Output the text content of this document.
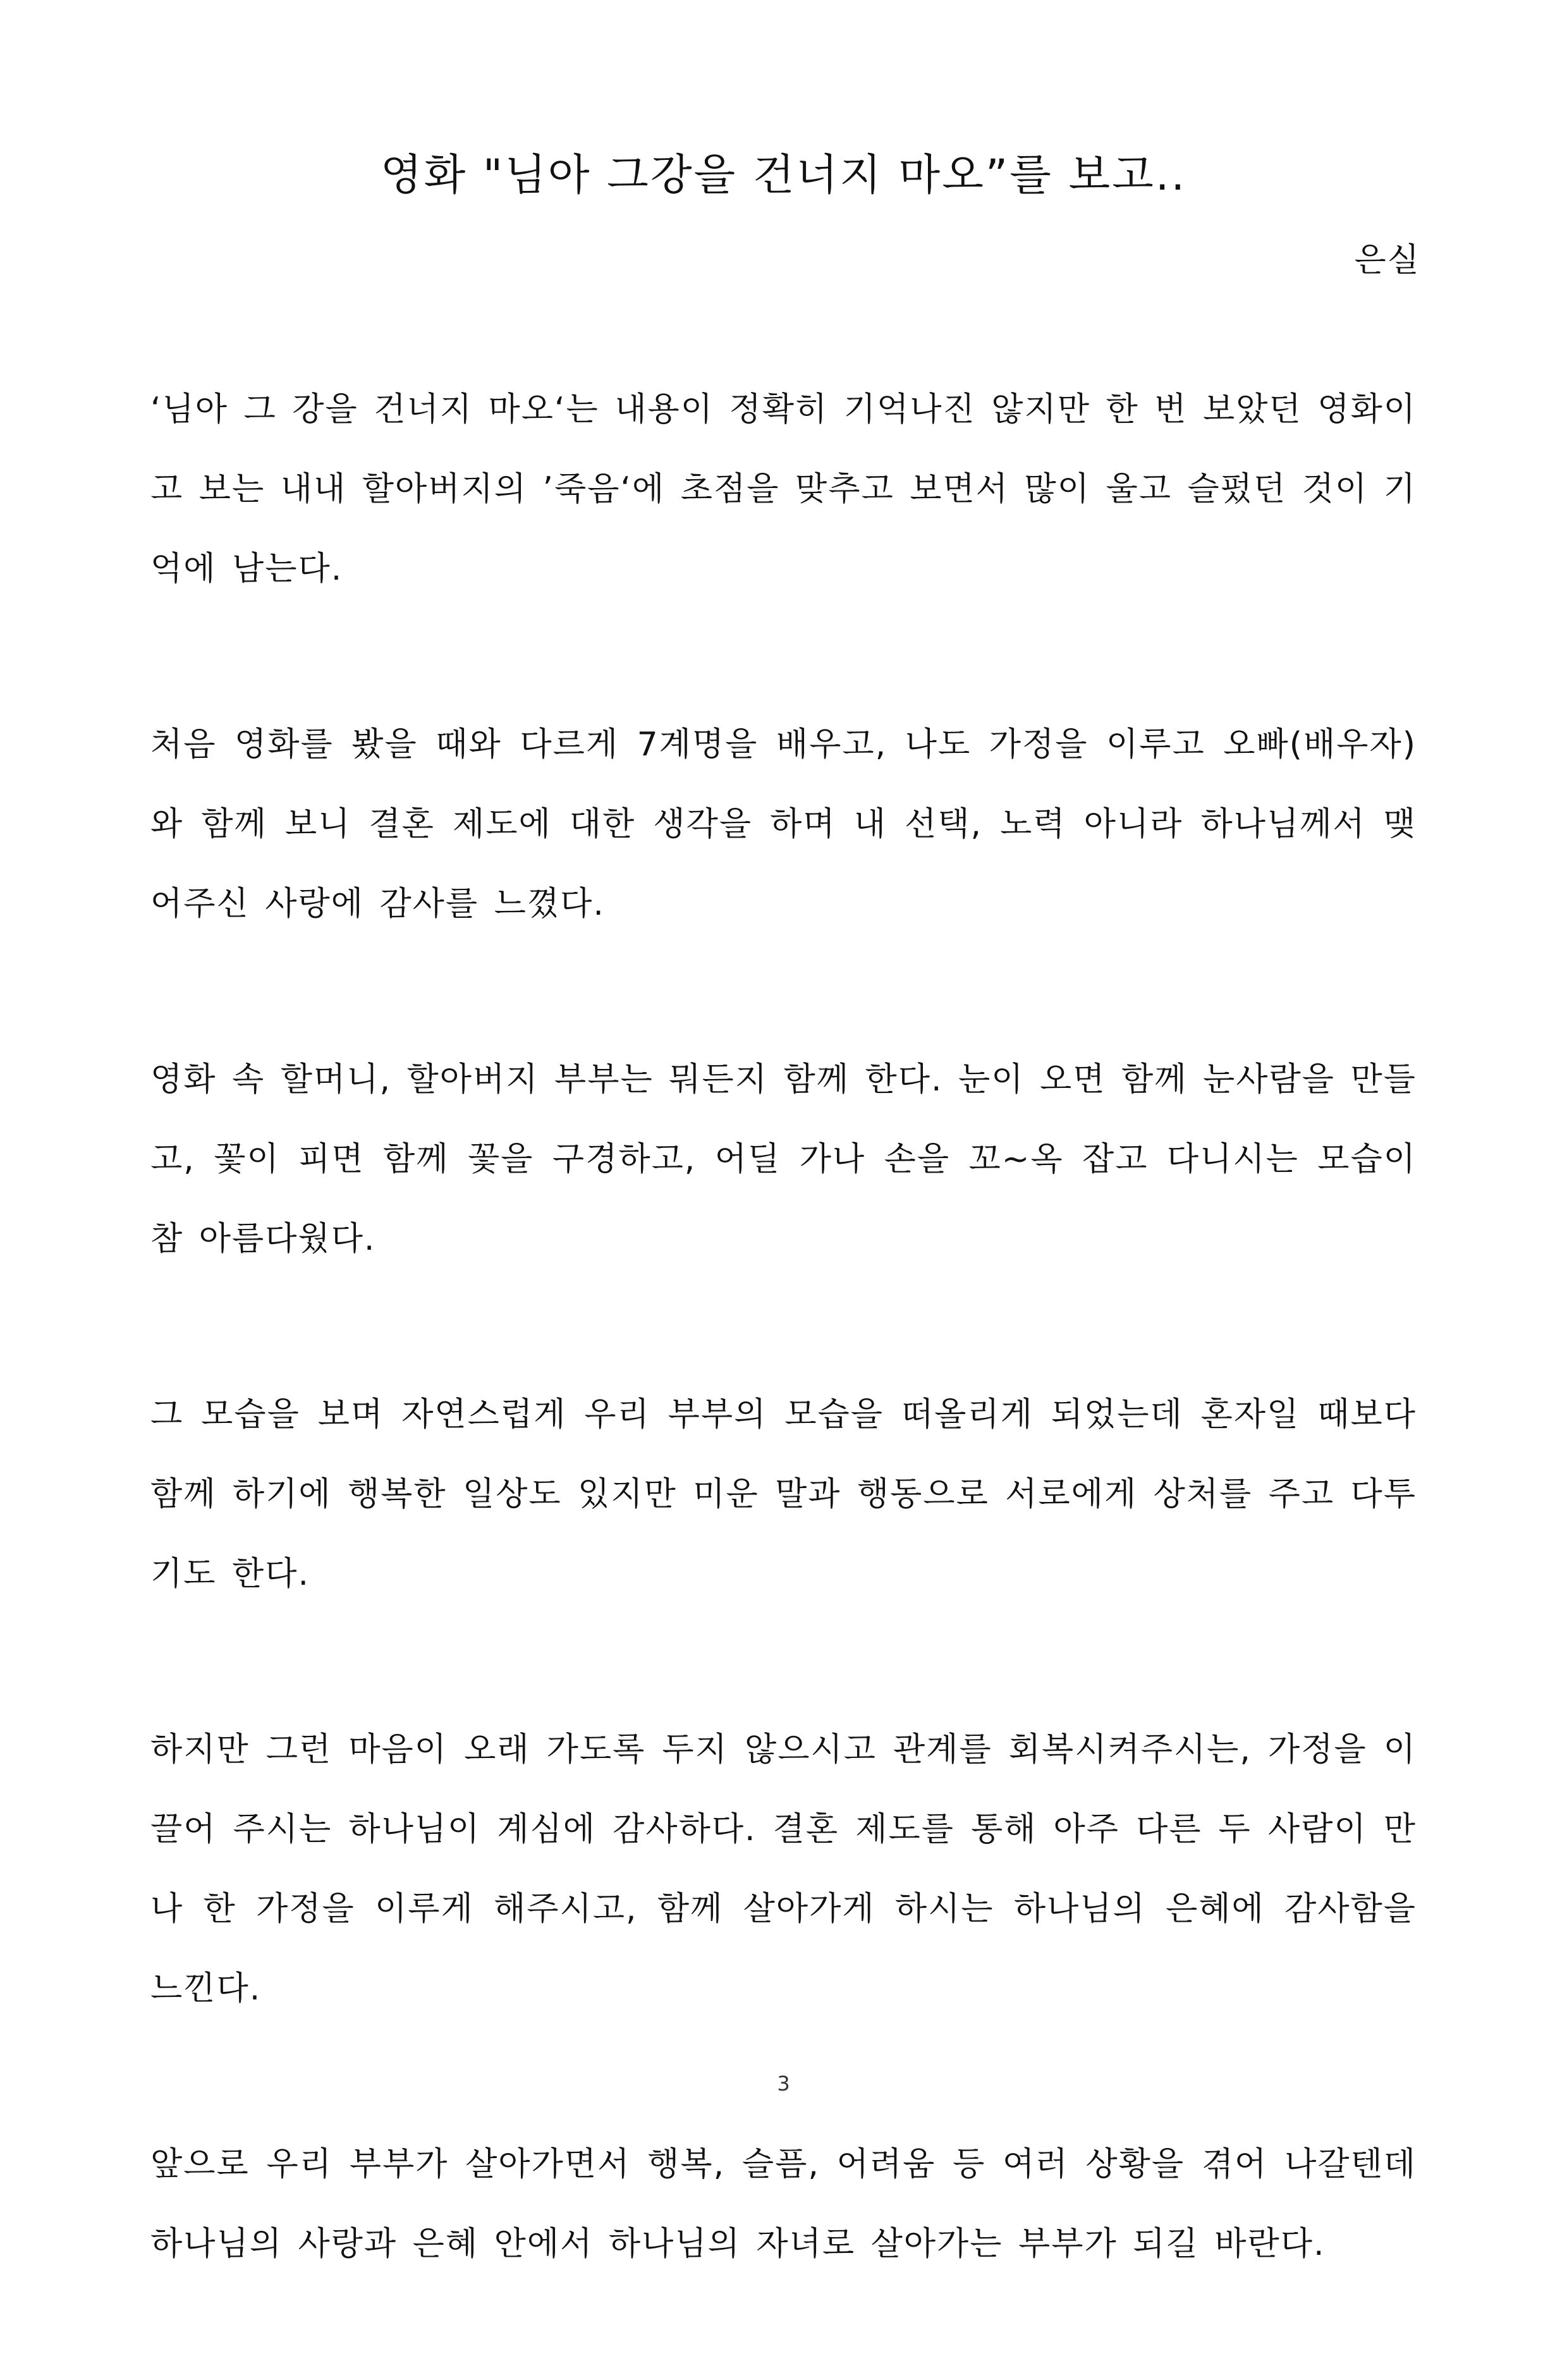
영화 "님아 그강을 건너지 마오”를 보고..
은실

‘님아 그 강을 건너지 마오‘는 내용이 정확히 기억나진 않지만 한 번 보았던 영화이고 보는 내내 할아버지의 ’죽음‘에 초점을 맞추고 보면서 많이 울고 슬펐던 것이 기억에 남는다.

처음 영화를 봤을 때와 다르게 7계명을 배우고, 나도 가정을 이루고 오빠(배우자)와 함께 보니 결혼 제도에 대한 생각을 하며 내 선택, 노력 아니라 하나님께서 맺어주신 사랑에 감사를 느꼈다.

영화 속 할머니, 할아버지 부부는 뭐든지 함께 한다. 눈이 오면 함께 눈사람을 만들고, 꽃이 피면 함께 꽃을 구경하고, 어딜 가나 손을 꼬~옥 잡고 다니시는 모습이 참 아름다웠다.

그 모습을 보며 자연스럽게 우리 부부의 모습을 떠올리게 되었는데 혼자일 때보다 함께 하기에 행복한 일상도 있지만 미운 말과 행동으로 서로에게 상처를 주고 다투기도 한다.

하지만 그런 마음이 오래 가도록 두지 않으시고 관계를 회복시켜주시는, 가정을 이끌어 주시는 하나님이 계심에 감사하다. 결혼 제도를 통해 아주 다른 두 사람이 만나 한 가정을 이루게 해주시고, 함께 살아가게 하시는 하나님의 은혜에 감사함을 느낀다.

앞으로 우리 부부가 살아가면서 행복, 슬픔, 어려움 등 여러 상황을 겪어 나갈텐데 하나님의 사랑과 은혜 안에서 하나님의 자녀로 살아가는 부부가 되길 바란다.

3
